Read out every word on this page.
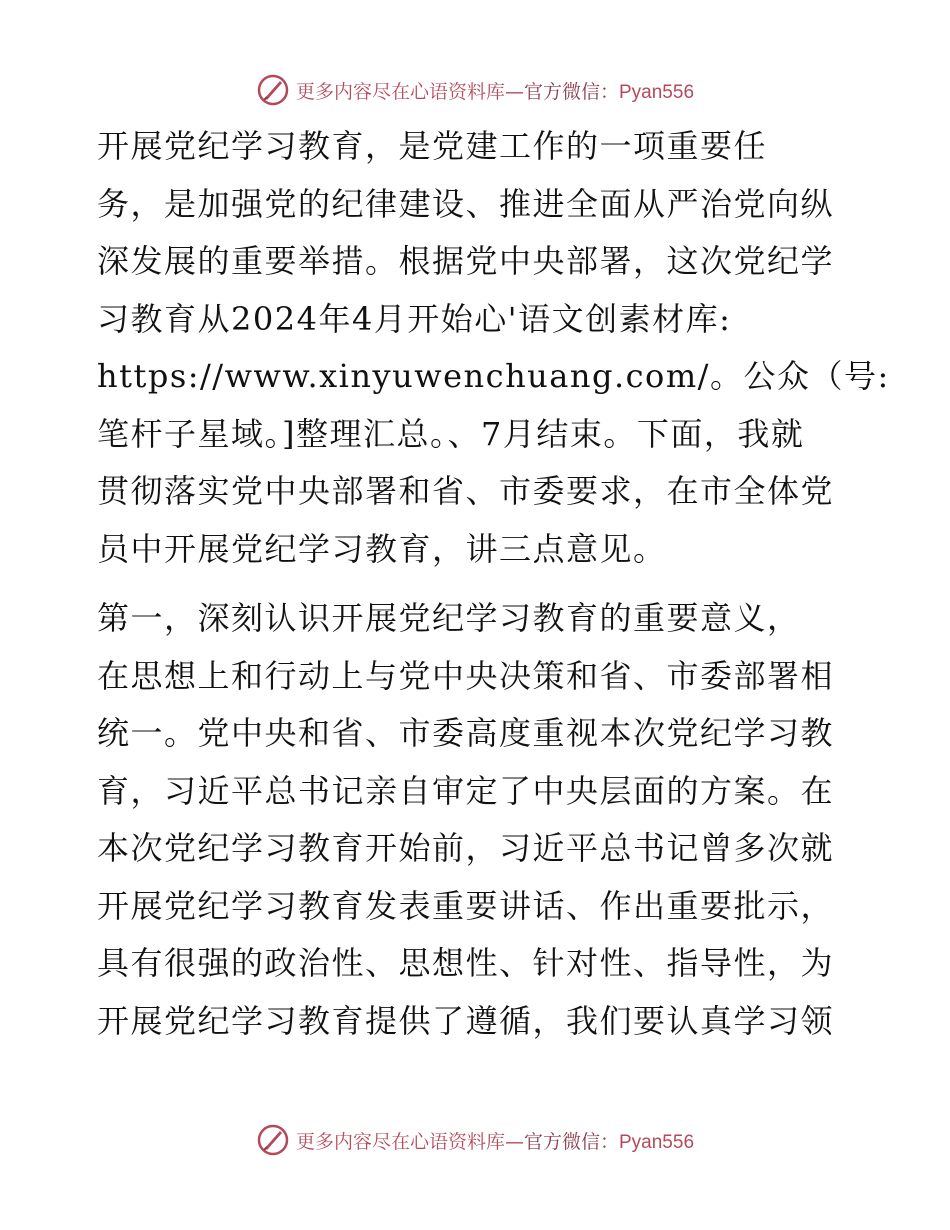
更多内容尽在心语资料库—官方微信：Pyan556

开展党纪学习教育，是党建工作的一项重要任
务，是加强党的纪律建设、推进全面从严治党向纵
深发展的重要举措。根据党中央部署，这次党纪学
习教育从2024年4月开始心'语文创素材库:
https://www.xinyuwenchuang.com/。公众（号:
笔杆子星域。]整理汇总。、7月结束。下面，我就
贯彻落实党中央部署和省、市委要求，在市全体党
员中开展党纪学习教育，讲三点意见。

第一，深刻认识开展党纪学习教育的重要意义，
在思想上和行动上与党中央决策和省、市委部署相
统一。党中央和省、市委高度重视本次党纪学习教
育，习近平总书记亲自审定了中央层面的方案。在
本次党纪学习教育开始前，习近平总书记曾多次就
开展党纪学习教育发表重要讲话、作出重要批示，
具有很强的政治性、思想性、针对性、指导性，为
开展党纪学习教育提供了遵循，我们要认真学习领

更多内容尽在心语资料库—官方微信：Pyan556
